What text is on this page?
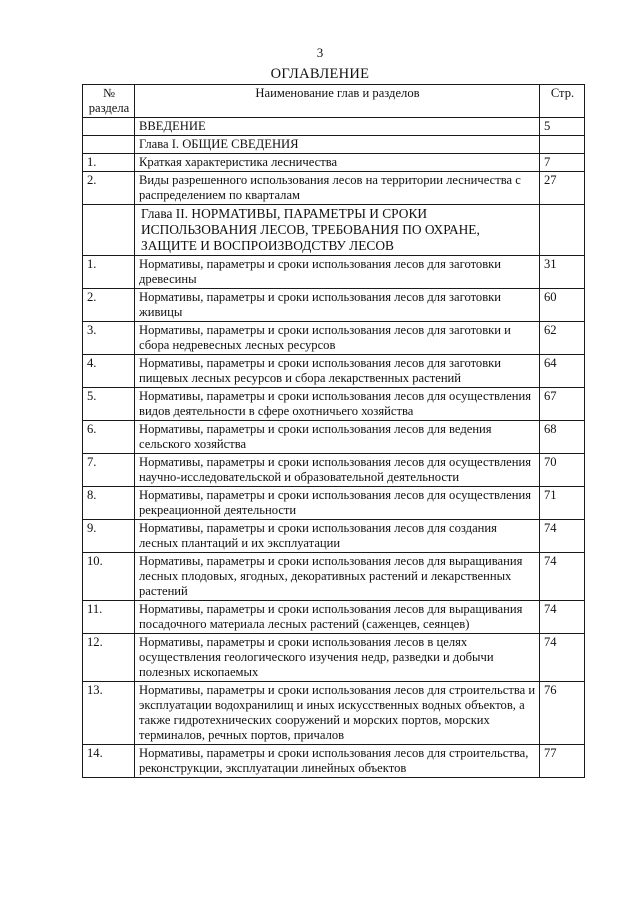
3
ОГЛАВЛЕНИЕ
№ раздела	Наименование глав и разделов	Стр.
	ВВЕДЕНИЕ	5
	Глава I. ОБЩИЕ СВЕДЕНИЯ	
1.	Краткая характеристика лесничества	7
2.	Виды разрешенного использования лесов на территории лесничества с распределением по кварталам	27
	Глава II. НОРМАТИВЫ, ПАРАМЕТРЫ И СРОКИ ИСПОЛЬЗОВАНИЯ ЛЕСОВ, ТРЕБОВАНИЯ ПО ОХРАНЕ, ЗАЩИТЕ И ВОСПРОИЗВОДСТВУ ЛЕСОВ	
1.	Нормативы, параметры и сроки использования лесов для заготовки древесины	31
2.	Нормативы, параметры и сроки использования лесов для заготовки живицы	60
3.	Нормативы, параметры и сроки использования лесов для заготовки и сбора недревесных лесных ресурсов	62
4.	Нормативы, параметры и сроки использования лесов для заготовки пищевых лесных ресурсов и сбора лекарственных растений	64
5.	Нормативы, параметры и сроки использования лесов для осуществления видов деятельности в сфере охотничьего хозяйства	67
6.	Нормативы, параметры и сроки использования лесов для ведения сельского хозяйства	68
7.	Нормативы, параметры и сроки использования лесов для осуществления научно-исследовательской и образовательной деятельности	70
8.	Нормативы, параметры и сроки использования лесов для осуществления рекреационной деятельности	71
9.	Нормативы, параметры и сроки использования лесов для создания лесных плантаций и их эксплуатации	74
10.	Нормативы, параметры и сроки использования лесов для выращивания лесных плодовых, ягодных, декоративных растений и лекарственных растений	74
11.	Нормативы, параметры и сроки использования лесов для выращивания посадочного материала лесных растений (саженцев, сеянцев)	74
12.	Нормативы, параметры и сроки использования лесов в целях осуществления геологического изучения недр, разведки и добычи полезных ископаемых	74
13.	Нормативы, параметры и сроки использования лесов для строительства и эксплуатации водохранилищ и иных искусственных водных объектов, а также гидротехнических сооружений и морских портов, морских терминалов, речных портов, причалов	76
14.	Нормативы, параметры и сроки использования лесов для строительства, реконструкции, эксплуатации линейных объектов	77
